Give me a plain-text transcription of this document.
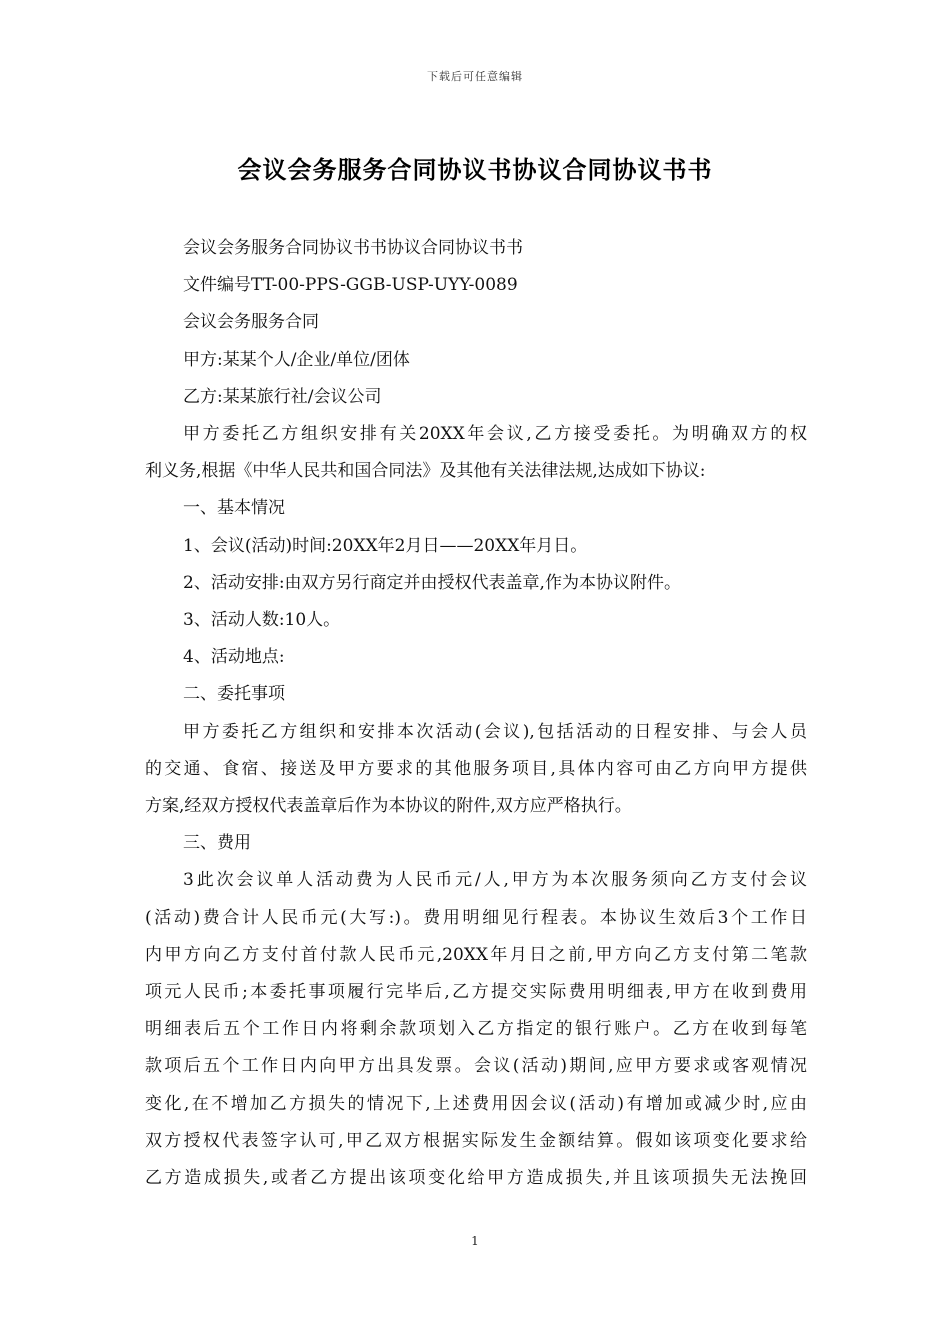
下载后可任意编辑
会议会务服务合同协议书协议合同协议书书
会议会务服务合同协议书书协议合同协议书书
文件编号TT-00-PPS-GGB-USP-UYY-0089
会议会务服务合同
甲方:某某个人/企业/单位/团体
乙方:某某旅行社/会议公司
甲方委托乙方组织安排有关20XX年会议,乙方接受委托。为明确双方的权
利义务,根据《中华人民共和国合同法》及其他有关法律法规,达成如下协议:
一、基本情况
1、会议(活动)时间:20XX年2月日——20XX年月日。
2、活动安排:由双方另行商定并由授权代表盖章,作为本协议附件。
3、活动人数:10人。
4、活动地点:
二、委托事项
甲方委托乙方组织和安排本次活动(会议),包括活动的日程安排、与会人员
的交通、食宿、接送及甲方要求的其他服务项目,具体内容可由乙方向甲方提供
方案,经双方授权代表盖章后作为本协议的附件,双方应严格执行。
三、费用
3此次会议单人活动费为人民币元/人,甲方为本次服务须向乙方支付会议
(活动)费合计人民币元(大写:)。费用明细见行程表。本协议生效后3个工作日
内甲方向乙方支付首付款人民币元,20XX年月日之前,甲方向乙方支付第二笔款
项元人民币;本委托事项履行完毕后,乙方提交实际费用明细表,甲方在收到费用
明细表后五个工作日内将剩余款项划入乙方指定的银行账户。乙方在收到每笔
款项后五个工作日内向甲方出具发票。会议(活动)期间,应甲方要求或客观情况
变化,在不增加乙方损失的情况下,上述费用因会议(活动)有增加或减少时,应由
双方授权代表签字认可,甲乙双方根据实际发生金额结算。假如该项变化要求给
乙方造成损失,或者乙方提出该项变化给甲方造成损失,并且该项损失无法挽回
1
